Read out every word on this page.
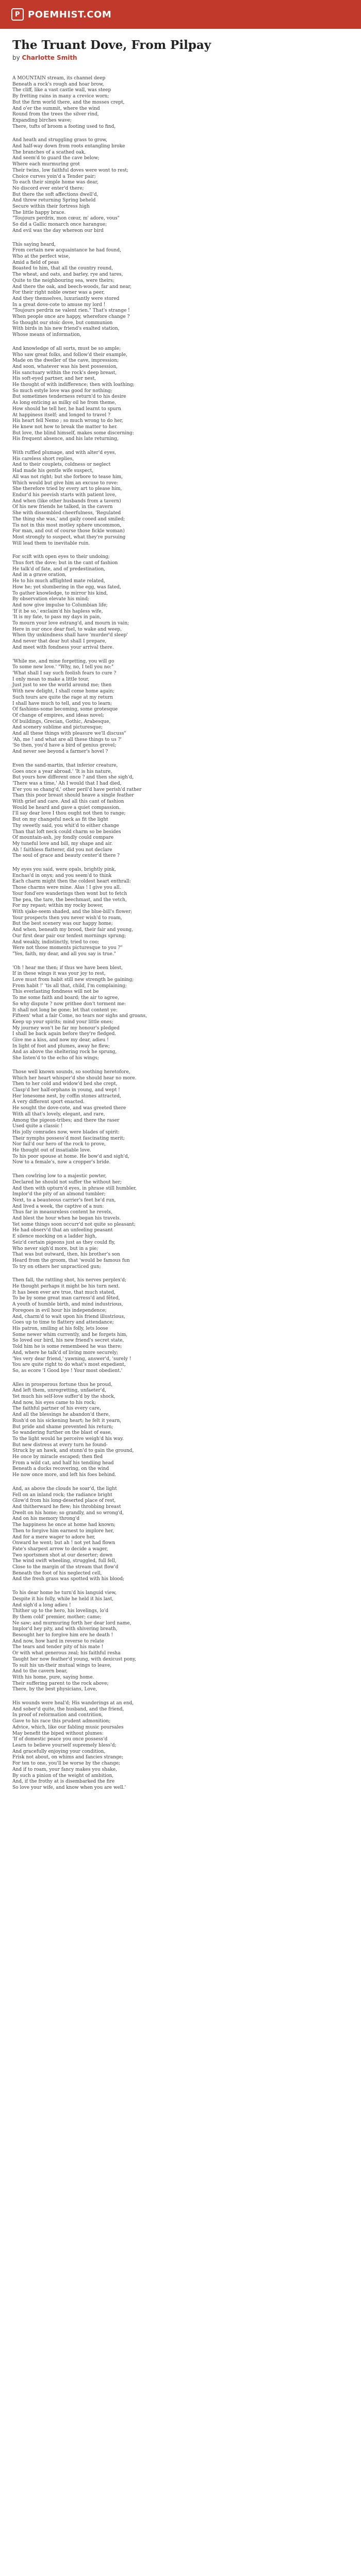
P POEMHIST.COM
The Truant Dove, From Pilpay
by Charlotte Smith
A MOUNTAIN stream, its channel deep
Beneath a rock's rough and hoar brow,
The cliff, like a vast castle wall, was steep
By fretting rains in many a crevice worn;
But the firm world there, and the mosses crept,
And o'er the summit, where the wind
Round from the trees the silver rind,
Expanding birches wave;
There, tufts of broom a footing used to find,
And heath and struggling grass to grow,
And half-way down from roots entangling broke
The branches of a scathed oak,
And seem'd to guard the cave below;
Where each murmuring grot
Their twins, low faithful doves were wont to rest;
Choice curves yoin'd a Tender pair;
To each their simple home was dear,
No discord ever enter'd there;
But there the soft affections dwell'd,
And threw returning Spring beheld
Secure within their fortress high
The little happy brace.
"Toujours perdrix, mon cœur, m' adore, vous"
So did a Gallic monarch once harangue;
And evil was the day whereon our bird
This saying heard,
From certain new acquaintance he had found,
Who at the perfect wise,
Amid a field of peas
Boasted to him, that all the country round,
The wheat, and oats, and barley, rye and tares,
Quite to the neighbouring sea, were theirs;
And there the oak, and beech-woods, far and near,
For their right noble owner was a peer,
And they themselves, luxuriantly were stored
In a great dove-cote to amuse my lord !
"Toujours perdrix ne valent rien." That's strange !
When people once are happy, wherefore change ?
So thought our stoic dove, but communion
With birds in his new friend's exalted station,
Whose means of information,
And knowledge of all sorts, must be so ample;
Who saw great folks, and follow'd their example,
Made on the dweller of the cave, impression;
And soon, whatever was his best possession,
His sanctuary within the rock's deep breast,
His soft-eyed partner, and her nest,
He thought of with indifference; then with loathing;
So much estyle love was good for nothing;
But sometimes tenderness return'd to his desire
As long enticing as milky oil he from theme,
How should he tell her, he had learnt to spurn
At happiness itself; and longed to travel ?
His heart fell Nemo ; so much wrong to do her,
He knew not how to break the matter to her.
But love, the blind himself, makes some discerning:
His frequent absence, and his late returning,
With ruffled plumage, and with alter'd eyes,
His careless short replies,
And to their couplets, coldness or neglect
Had made his gentle wife suspect,
All was not right; but she forbore to tease him,
Which would but give him an excuse to rove:
She therefore tried by every art to please him,
Endur'd his peevish starts with patient love,
And when (like other husbands from a tavern)
Of his new friends he talked, in the cavern
She with dissembled cheerfulness, 'Regulated
The thing she was,' and gaily cooed and smiled;
Tis not in this most motley sphere uncommon,
For man, and out of course those fickle woman)
Most strongly to suspect, what they're pursuing
Will lead them to inevitable ruin.
For scift with open eyes to their undoing;
Thus fort the dove; but in the cant of fashion
He talk'd of fate, and of predestination,
And in a grave oration,
He to his much afflighted mate related,
How he; yet slumbering in the egg, was fated,
To gather knowledge, to mirror his kind,
By observation elevate his mind;
And now give impulse to Columbian life;
'If it be so,' exclaim'd his hapless wife,
'It is my fate, to pass my days in pain,
To mourn your love estrang'd, and mourn in vain;
Here in our once dear fuel, to wake and weep,
When thy unkindness shall have 'murder'd sleep'
And never that dear hut shall I prepare,
And meet with fondness your arrival there.
'While me, and mine forgetting, you will go
To some new love.' "Why, no, I tell you no:"
'What shall I say such foolish fears to cure ?
I only mean to make a little tour,
Just just to see the world around me; then
With new delight, I shall come home again;
Such tours are quite the rage at my return
I shall have much to tell, and you to learn;
Of fashions-some becoming, some grotesque
Of change of empires, and ideas novel;
Of buildings, Grecian, Gothic, Arabesque,
And scenery sublime and picturesque;
And all these things with pleasure we'll discuss"
'Ah, me ! and what are all these things to us ?'
'So then, you'd have a bird of genius grovel;
And never see beyond a farmer's hovel ?
Even the sand-martin, that inferior creature,
Goes once a year abroad.' 'It is his nature,
But yours how different once ? and then she sigh'd,
'There was a time,' Ah I would that I had died,
E'er you so chang'd,' other peril'd have perish'd rather
Than this poor breast should heave a single feather
With grief and care. And all this cant of fashion
Would be heard and gave a quiet compassion.
I'll say dear love I thou ought not then to range;
But on my changeful neck as fit the light
Thy sweetly said, you whit'd to either change
Than that loft neck could charm so be besides
Of mountain-ash, joy fondly could compare
My tuneful love and bill, my shape and air.
Ah ! faithless flatterer, did you not declare
The soul of grace and beauty center'd there ?
My eyes you said, were opals, brightly pink,
Enchas'd in onyx; and you seem'd to think
Each charm might then the coldest heart enthrall:
Those charms were mine. Alas ! I give you all.
Your fond'ere wanderings then wont but to fetch
The pea, the tare, the beechmast, and the vetch,
For my repast; within my rocky bower,
With sjake-seem shaded, and the blue-bill's flower;
Your prospects then you never wish'd to roam,
But the best scenery was our happy home;
And when, beneath my brood, their fair and young,
Our first dear pair our tenfest mornings sprung;
And weakly, indistinctly, tried to coo;
Were not those moments picturesque to you ?"
"Yes, faith, my dear, and all you say is true."
'Oh ! hear me then; if thus we have been blest,
If in these wings it was your joy to rest,
Love must from habit still new strength be gaining;
From habit !' 'tis all that, child, I'm complaining;
This everlasting fondness will not be
To me some faith and board; the air to agree,
So why dispute ? now prithee don't torment me:
It shall not long be gone; let that content ye:
Fifteen' what a fair Come, no tears nor sighs and groans,
Keep up your spirits; mind your little ones;
My journey won't be far my honour's pledged
I shall be back again before they're fledged.
Give me a kiss, and now my dear, adieu !
In light of foot and plumes, away he flew;
And as above the sheltering rock he sprung,
She listen'd to the echo of his wings;
Those well known sounds, so soothing heretofore,
Which her heart whisper'd she should hear no more.
Then to her cold and widow'd bed she crept,
Clasp'd her half-orphans in young, and wept !
Her lonesome nest, by coffin stones attracted,
A very different sport enacted.
He sought the dove-cote, and was greeted there
With all that's lovely, elegant, and rare,
Among the pigeon-tribes; and there the raser
Used quite a classic !
His jolly comrades now, were blades of spirit:
Their nymphs possess'd most fascinating merit;
Nor fail'd our hero of the rock to prove,
He thought out of insatiable love.
To his poor spouse at home. He bow'd and sigh'd,
Now to a female's, now a cropper's bride.
Then cowlring low to a majestic powter,
Declared he should not suffer the without her;
And then with upturn'd eyes, in phrase still humbler,
Implor'd the pity of an almond tumbler;
Next, to a beauteous carrier's feet he'd run,
And lived a week, the captive of a nun:
Thus far in measureless content he revels,
And blest the hour when he began his travels.
Yet some things soon occurr'd not quite so pleasant;
He had observ'd that an unfeeling peasant
E silence mocking on a ladder high,
Seiz'd certain pigeons just as they could fly,
Who never sigh'd more, but in a pie;
That was but outward, then, his brother's son
Heard from the groom, that 'would be famous fun
To try on others her unpracticed gun;
Then fall, the rattling shot, his nerves perplex'd;
He thought perhaps it might be his turn next.
It has been ever are true, that much stated,
To be by some great man carress'd and fêted,
A youth of humble birth, and mind industrious,
Foregoes in evil hour his independence;
And, charm'd to wait upon his friend illustrious,
Goes up to time to flattery and attendance;
His patron, smiling at his folly, lets loose
Some newer whim currently, and he forgets him,
So loved our bird, his new friend's secret state,
Told him he is some remembeed he was there;
And, where he talk'd of living more securely;
'Yes very dear friend,' yawning, answer'd, 'surely !
You are quite right to do what's most expedient,
So, as ecore 'I Good bye ! Your most obedient.'
Alles in prosperous fortune thus he proud,
And left them, unregretting, unfaeter'd,
Yet much his self-love suffer'd by the shock,
And now, his eyes came to his rock;
The faithful partner of his every care,
And all the blessings he abandon'd there,
Rush'd on his sickening heart; he felt it yearn,
But pride and shame prevented his return;
So wandering further on the blast of ease,
To the light would he perceive weigh'd his way.
But new distress at every turn he found-
Struck by an hawk, and stunn'd to gain the ground,
He once by miracle escaped; then fled
From a wild cat, and half his tendiing head
Beneath a ducks recovering, on the wind
He now once more, and left his foes behind.
And, as above the clouds he soar'd, the light
Fell on an inland rock; the radiance bright
Glow'd from his long-deserted place of rest,
And thitherward he flew; his throbbing breast
Dwelt on his home; so grandly, and so wrong'd,
And on his memory throng'd
The happiness he once at home had known;
Then to forgive him earnest to implore her,
And for a mere wager to adore her,
Onward he went; but ah ! not yet had flown
Fate's sharpest arrow to decide a wager,
Two sportsmen shot at our deserter; down
The wind swift wheeling, struggled, full fell,
Close to the margin of the stream that flow'd
Beneath the foot of his neglected cell,
And the fresh grass was spotted with his blood;
To his dear home he turn'd his languid view,
Despite it his folly, while he held it his last,
And sigh'd a long adieu !
Thither up to the hero, his lovelings, lo'd
By them cold' premier, mother; came;
Ne saw; and murmuring forth her dear lord name,
Implor'd hey pity, and with shivering breath,
Besought her to forgive him ere he death !
And now, how hard in reverse to relate
The tears and tender pity of his mate !
Or with what generous zeal; his faithful resha
Taught her now feather'd young, with dexicust pony,
To suit his un-their mutual wings to leave,
And to the cavern bear,
With his home, pure, saying home.
Their suffering parent to the rock above;
There, by the best physicians, Love,
His wounds were heal'd; His wanderings at an end,
And sober'd quite, the husband, and the friend,
In proof of reformation and contrition,
Gave to his race this prudent admonition;
Advice, which, like our fabling music poursales
May benefit the biped without plumes:
'If of domestic peace you once possess'd
Learn to believe yourself supremely bless'd;
And gracefully enjoying your condition,
Frisk not about, on whims and fancies strange;
For ten to one, you'll be worse by the change;
And if to roam, your fancy makes you shake,
By such a pinion of the weight of ambition,
And, if the frothy at is disembarked the fire
So love your wife, and know when you are well.'
